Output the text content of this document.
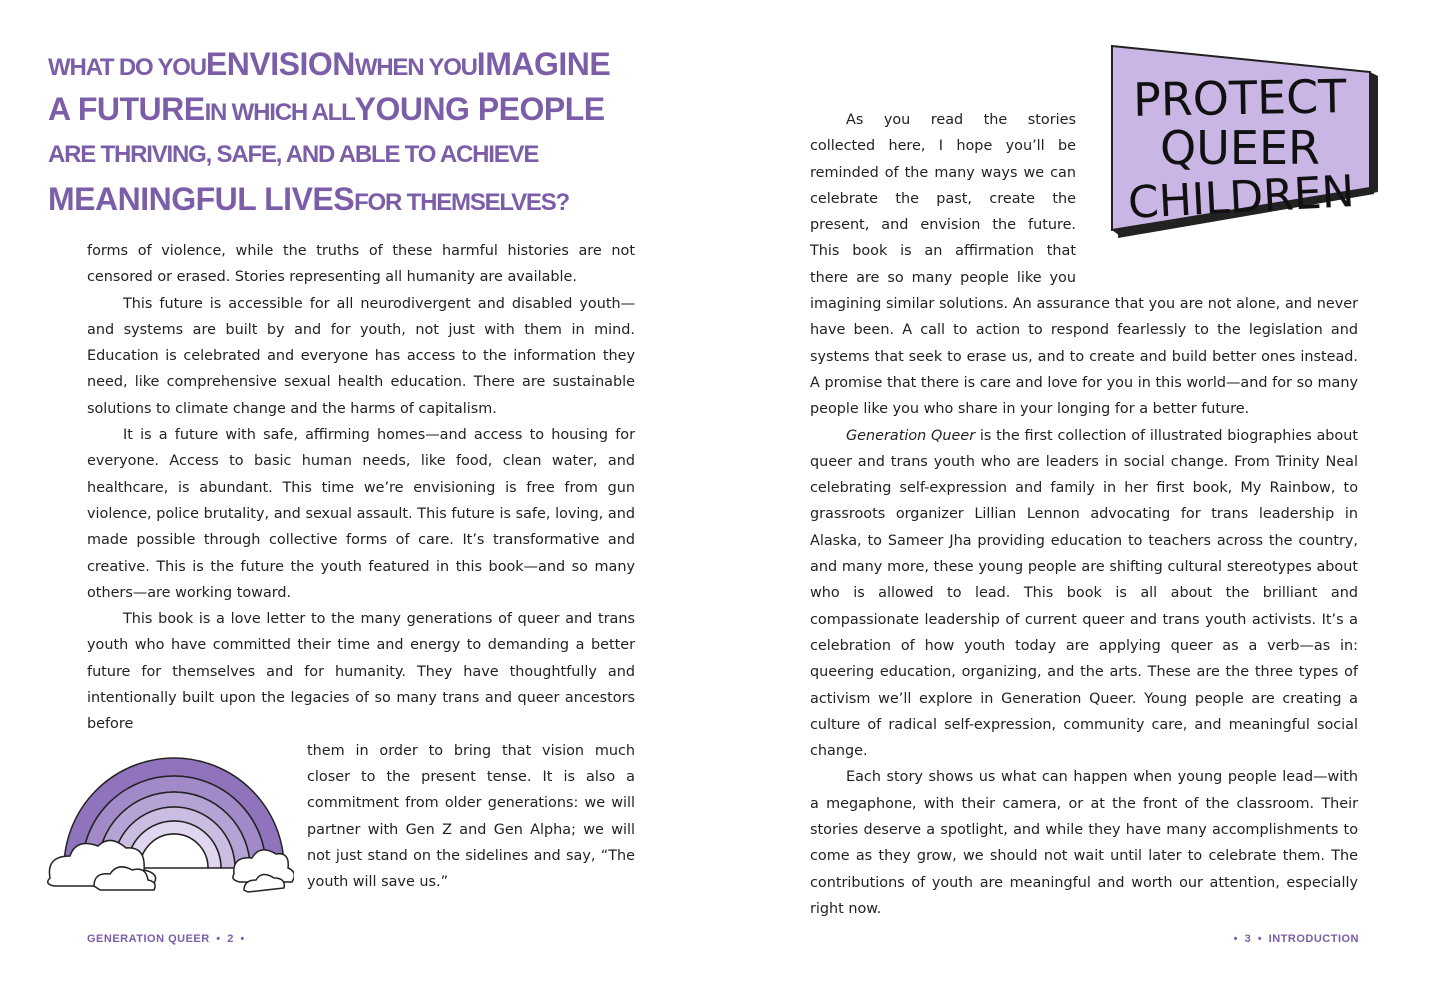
WHAT DO YOUENVISIONWHEN YOUIMAGINE
A FUTUREIN WHICH ALLYOUNG PEOPLE
ARE THRIVING, SAFE, AND ABLE TO ACHIEVE
MEANINGFUL LIVESFOR THEMSELVES?

forms of violence, while the truths of these harmful histories are not censored or erased. Stories representing all humanity are available.

This future is accessible for all neurodivergent and disabled youth—and systems are built by and for youth, not just with them in mind. Education is celebrated and everyone has access to the information they need, like comprehensive sexual health education. There are sustainable solutions to climate change and the harms of capitalism.

It is a future with safe, affirming homes—and access to housing for everyone. Access to basic human needs, like food, clean water, and healthcare, is abundant. This time we’re envisioning is free from gun violence, police brutality, and sexual assault. This future is safe, loving, and made possible through collective forms of care. It’s transformative and creative. This is the future the youth featured in this book—and so many others—are working toward.

This book is a love letter to the many generations of queer and trans youth who have committed their time and energy to demanding a better future for themselves and for humanity. They have thoughtfully and intentionally built upon the legacies of so many trans and queer ancestors before
them in order to bring that vision much closer to the present tense. It is also a commitment from older generations: we will partner with Gen Z and Gen Alpha; we will not just stand on the sidelines and say, “The youth will save us.”

GENERATION QUEER • 2 •
PROTECT
QUEER
CHILDREN

As you read the stories collected here, I hope you’ll be reminded of the many ways we can celebrate the past, create the present, and envision the future. This book is an affirmation that there are so many people like you imagining similar solutions. An assurance that you are not alone, and never have been. A call to action to respond fearlessly to the legislation and systems that seek to erase us, and to create and build better ones instead. A promise that there is care and love for you in this world—and for so many people like you who share in your longing for a better future.

Generation Queer is the first collection of illustrated biographies about queer and trans youth who are leaders in social change. From Trinity Neal celebrating self-expression and family in her first book, My Rainbow, to grassroots organizer Lillian Lennon advocating for trans leadership in Alaska, to Sameer Jha providing education to teachers across the country, and many more, these young people are shifting cultural stereotypes about who is allowed to lead. This book is all about the brilliant and compassionate leadership of current queer and trans youth activists. It’s a celebration of how youth today are applying queer as a verb—as in: queering education, organizing, and the arts. These are the three types of activism we’ll explore in Generation Queer. Young people are creating a culture of radical self-expression, community care, and meaningful social change.

Each story shows us what can happen when young people lead—with a megaphone, with their camera, or at the front of the classroom. Their stories deserve a spotlight, and while they have many accomplishments to come as they grow, we should not wait until later to celebrate them. The contributions of youth are meaningful and worth our attention, especially right now.

• 3 • INTRODUCTION
